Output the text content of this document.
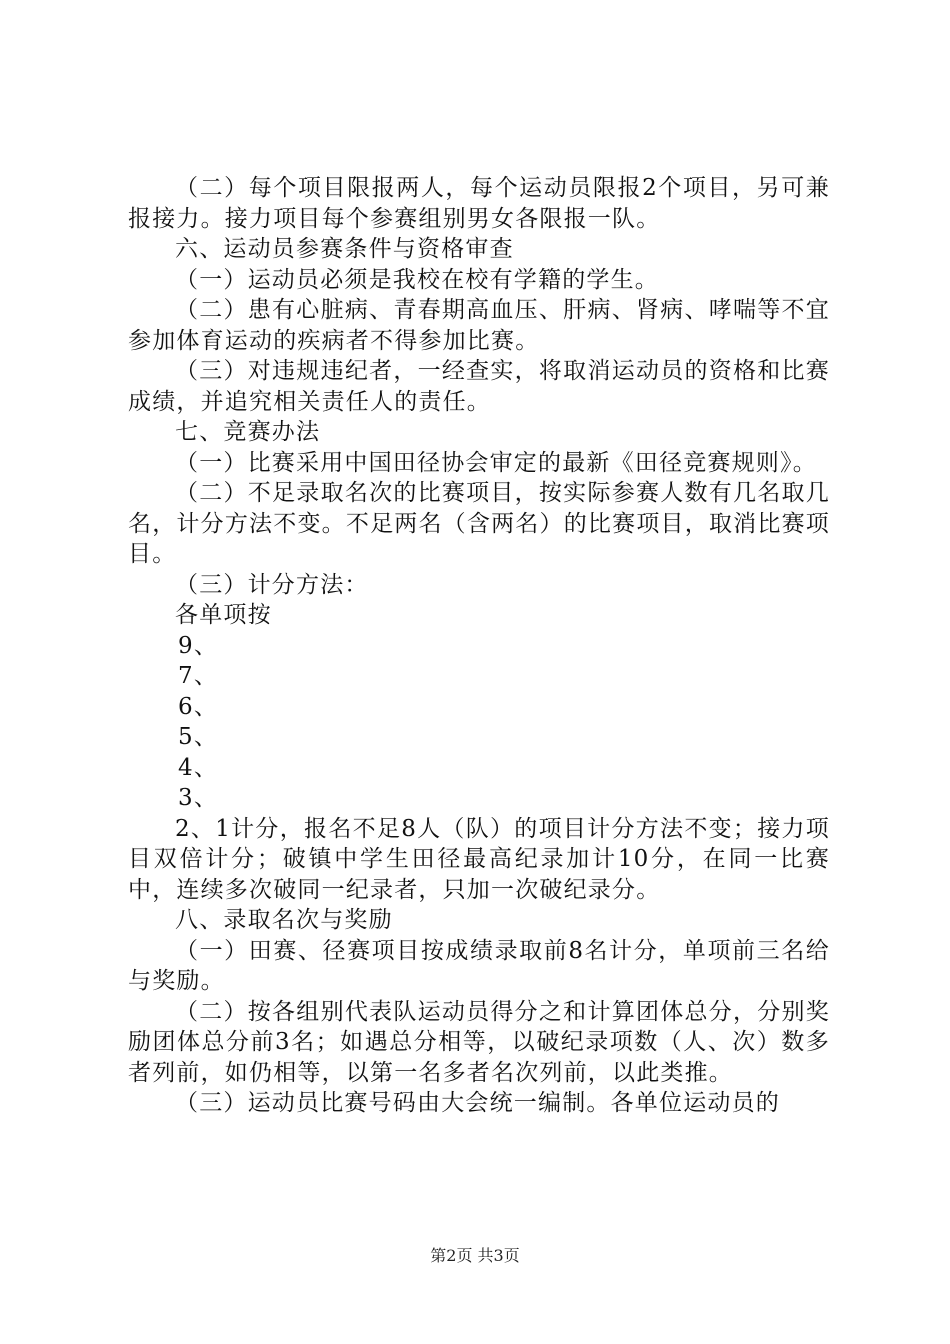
（二）每个项目限报两人，每个运动员限报2个项目，另可兼报接力。接力项目每个参赛组别男女各限报一队。

六、运动员参赛条件与资格审查

（一）运动员必须是我校在校有学籍的学生。

（二）患有心脏病、青春期高血压、肝病、肾病、哮喘等不宜参加体育运动的疾病者不得参加比赛。

（三）对违规违纪者，一经查实，将取消运动员的资格和比赛成绩，并追究相关责任人的责任。

七、竞赛办法

（一）比赛采用中国田径协会审定的最新《田径竞赛规则》。

（二）不足录取名次的比赛项目，按实际参赛人数有几名取几名，计分方法不变。不足两名（含两名）的比赛项目，取消比赛项目。

（三）计分方法：

各单项按

9、

7、

6、

5、

4、

3、

2、1计分，报名不足8人（队）的项目计分方法不变；接力项目双倍计分；破镇中学生田径最高纪录加计10分，在同一比赛中，连续多次破同一纪录者，只加一次破纪录分。

八、录取名次与奖励

（一）田赛、径赛项目按成绩录取前8名计分，单项前三名给与奖励。

（二）按各组别代表队运动员得分之和计算团体总分，分别奖励团体总分前3名；如遇总分相等，以破纪录项数（人、次）数多者列前，如仍相等，以第一名多者名次列前，以此类推。

（三）运动员比赛号码由大会统一编制。各单位运动员的

第2页 共3页
